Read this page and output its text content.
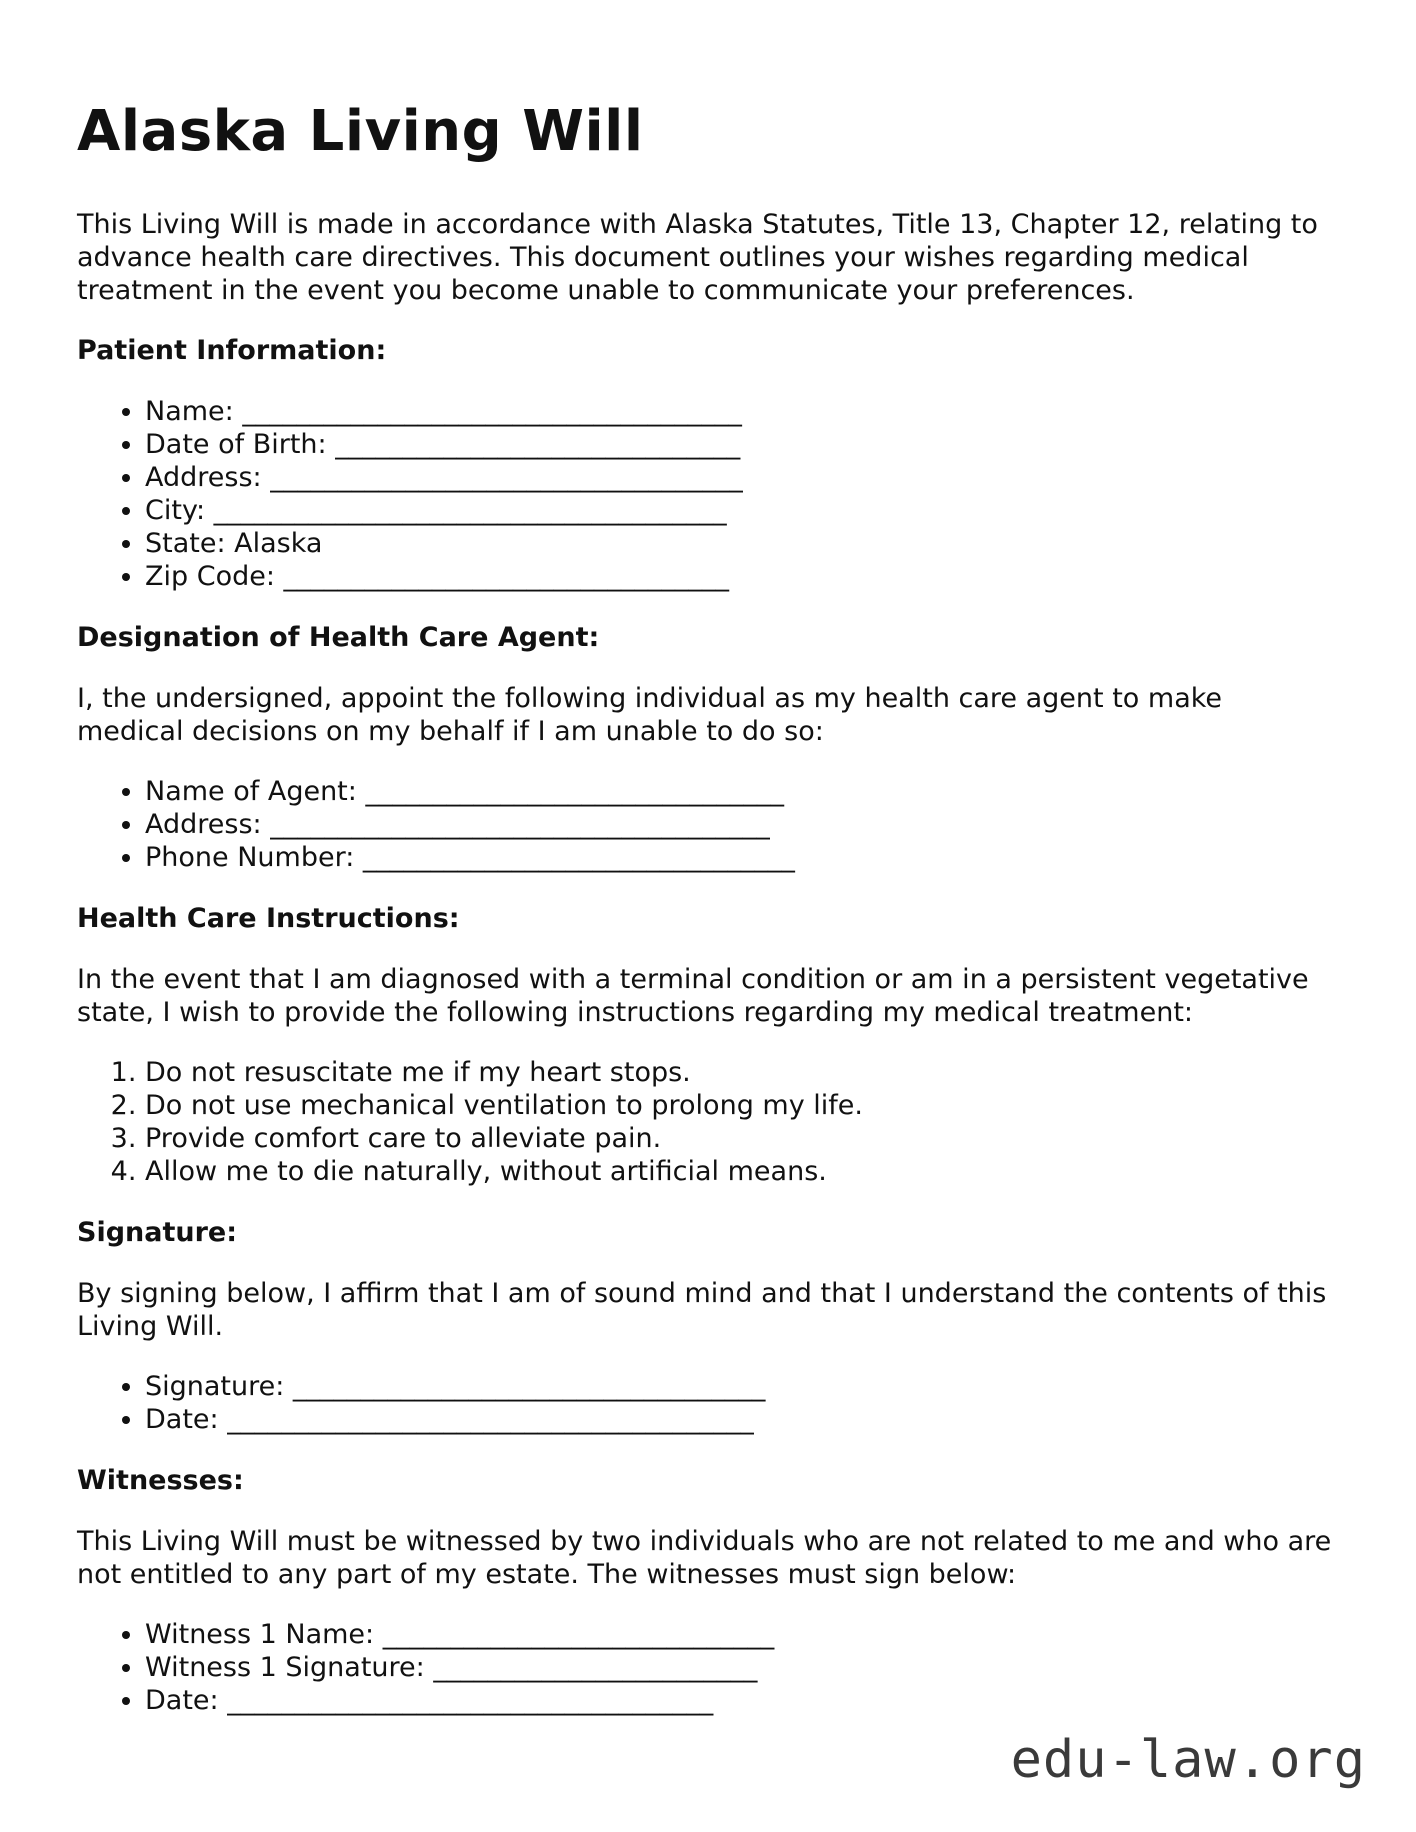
Alaska Living Will

This Living Will is made in accordance with Alaska Statutes, Title 13, Chapter 12, relating to advance health care directives. This document outlines your wishes regarding medical treatment in the event you become unable to communicate your preferences.

Patient Information:
• Name: _____________________________________
• Date of Birth: ______________________________
• Address: ___________________________________
• City: ______________________________________
• State: Alaska
• Zip Code: _________________________________
Designation of Health Care Agent:

I, the undersigned, appoint the following individual as my health care agent to make medical decisions on my behalf if I am unable to do so:

• Name of Agent: _______________________________
• Address: _____________________________________
• Phone Number: ________________________________
Health Care Instructions:

In the event that I am diagnosed with a terminal condition or am in a persistent vegetative state, I wish to provide the following instructions regarding my medical treatment:

1. Do not resuscitate me if my heart stops.
2. Do not use mechanical ventilation to prolong my life.
3. Provide comfort care to alleviate pain.
4. Allow me to die naturally, without artificial means.
Signature:

By signing below, I affirm that I am of sound mind and that I understand the contents of this Living Will.

• Signature: ___________________________________
• Date: _______________________________________
Witnesses:

This Living Will must be witnessed by two individuals who are not related to me and who are not entitled to any part of my estate. The witnesses must sign below:

• Witness 1 Name: _____________________________
• Witness 1 Signature: ________________________
• Date: ____________________________________
edu-law.org
